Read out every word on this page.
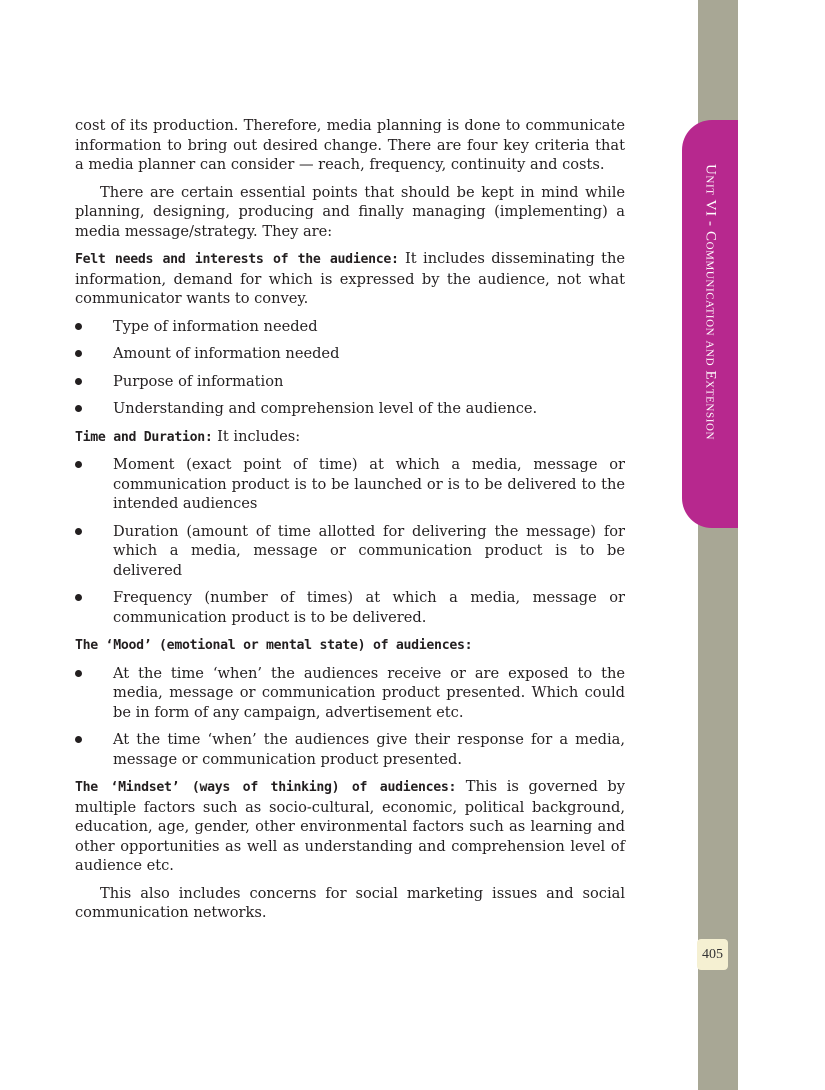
Unit VI - Communication and Extension
405

cost of its production. Therefore, media planning is done to communicate information to bring out desired change. There are four key criteria that a media planner can consider — reach, frequency, continuity and costs.

There are certain essential points that should be kept in mind while planning, designing, producing and finally managing (implementing) a media message/strategy. They are:

Felt needs and interests of the audience: It includes disseminating the information, demand for which is expressed by the audience, not what communicator wants to convey.

Type of information needed
Amount of information needed
Purpose of information
Understanding and comprehension level of the audience.

Time and Duration: It includes:

Moment (exact point of time) at which a media, message or communication product is to be launched or is to be delivered to the intended audiences
Duration (amount of time allotted for delivering the message) for which a media, message or communication product is to be delivered
Frequency (number of times) at which a media, message or communication product is to be delivered.

The ‘Mood’ (emotional or mental state) of audiences:

At the time ‘when’ the audiences receive or are exposed to the media, message or communication product presented. Which could be in form of any campaign, advertisement etc.
At the time ‘when’ the audiences give their response for a media, message or communication product presented.

The ‘Mindset’ (ways of thinking) of audiences: This is governed by multiple factors such as socio-cultural, economic, political background, education, age, gender, other environmental factors such as learning and other opportunities as well as understanding and comprehension level of audience etc.

This also includes concerns for social marketing issues and social communication networks.
